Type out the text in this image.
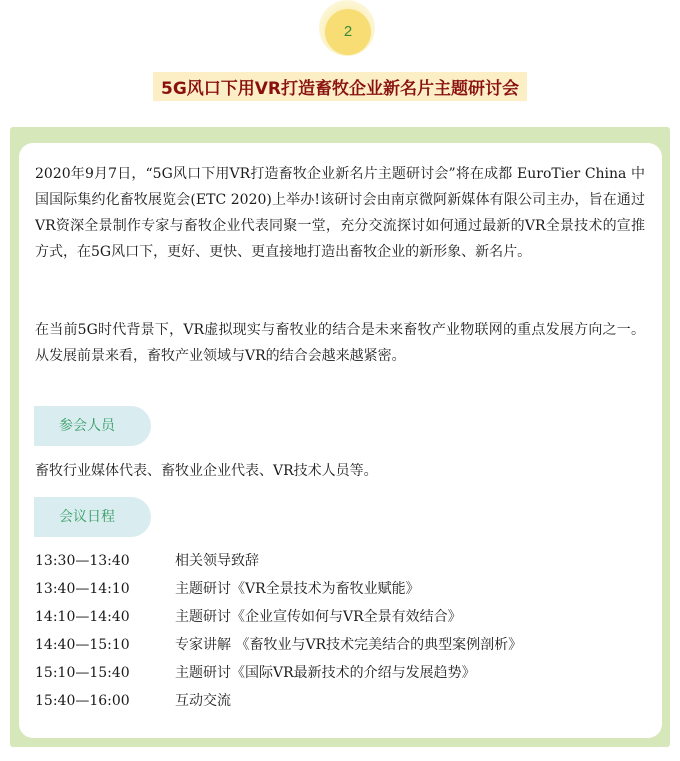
2
5G风口下用VR打造畜牧企业新名片主题研讨会

2020年9月7日，“5G风口下用VR打造畜牧企业新名片主题研讨会”将在成都 EuroTier China 中国国际集约化畜牧展览会(ETC 2020)上举办!该研讨会由南京微阿新媒体有限公司主办，旨在通过VR资深全景制作专家与畜牧企业代表同聚一堂，充分交流探讨如何通过最新的VR全景技术的宣推方式，在5G风口下，更好、更快、更直接地打造出畜牧企业的新形象、新名片。

在当前5G时代背景下，VR虚拟现实与畜牧业的结合是未来畜牧产业物联网的重点发展方向之一。从发展前景来看，畜牧产业领域与VR的结合会越来越紧密。

参会人员

畜牧行业媒体代表、畜牧业企业代表、VR技术人员等。

会议日程
13:30—13:40	相关领导致辞
13:40—14:10	主题研讨《VR全景技术为畜牧业赋能》
14:10—14:40	主题研讨《企业宣传如何与VR全景有效结合》
14:40—15:10	专家讲解 《畜牧业与VR技术完美结合的典型案例剖析》
15:10—15:40	主题研讨《国际VR最新技术的介绍与发展趋势》
15:40—16:00	互动交流
